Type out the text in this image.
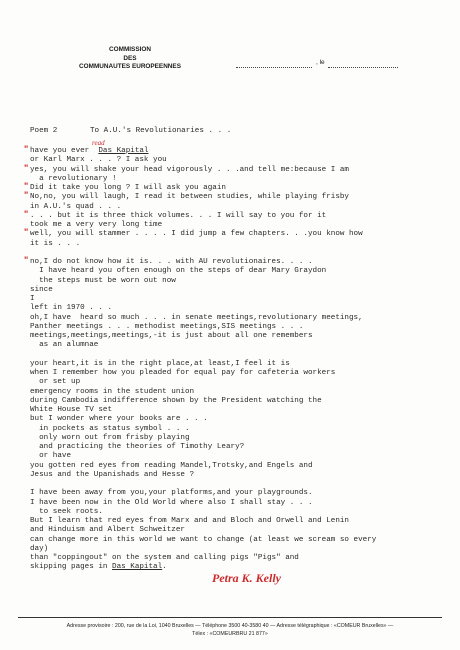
COMMISSION
DES
COMMUNAUTES EUROPEENNES
, le
Poem 2	To A.U.'s Revolutionaries . . .
read
Petra K. Kelly
Adresse provisoire : 200, rue de la Loi, 1040 Bruxelles — Téléphone 3500 40-3580 40 — Adresse télégraphique : «COMEUR Bruxelles» —
Télex : «COMEURBRU 21 877»
have you ever  Das Kapital
"
or Karl Marx . . . ? I ask you
yes, you will shake your head vigorously . . .and tell me:because I am
"
a revolutionary !
Did it take you long ? I will ask you again
"
No,no, you will laugh, I read it between studies, while playing frisby
"
in A.U.'s quad . . .
. . . but it is three thick volumes. . . I will say to you for it
"
took me a very very long time
well, you will stammer . . . . I did jump a few chapters. . .you know how
"
it is . . .
no,I do not know how it is. . . with AU revolutionaires. . . .
"
I have heard you often enough on the steps of dear Mary Graydon
the steps must be worn out now
since
I
left in 1970 . . .
oh,I have  heard so much . . . in senate meetings,revolutionary meetings,
Panther meetings . . . methodist meetings,SIS meetings . . .
meetings,meetings,meetings,-it is just about all one remembers
as an alumnae
your heart,it is in the right place,at least,I feel it is
when I remember how you pleaded for equal pay for cafeteria workers
or set up
emergency rooms in the student union
during Cambodia indifference shown by the President watching the
White House TV set
but I wonder where your books are . . .
in pockets as status symbol . . .
only worn out from frisby playing
and practicing the theories of Timothy Leary?
or have
you gotten red eyes from reading Mandel,Trotsky,and Engels and
Jesus and the Upanishads and Hesse ?
I have been away from you,your platforms,and your playgrounds.
I have been now in the Old World where also I shall stay . . .
to seek roots.
But I learn that red eyes from Marx and and Bloch and Orwell and Lenin
and Hinduism and Albert Schweitzer
can change more in this world we want to change (at least we scream so every
day)
than "coppingout" on the system and calling pigs "Pigs" and
skipping pages in Das Kapital.
